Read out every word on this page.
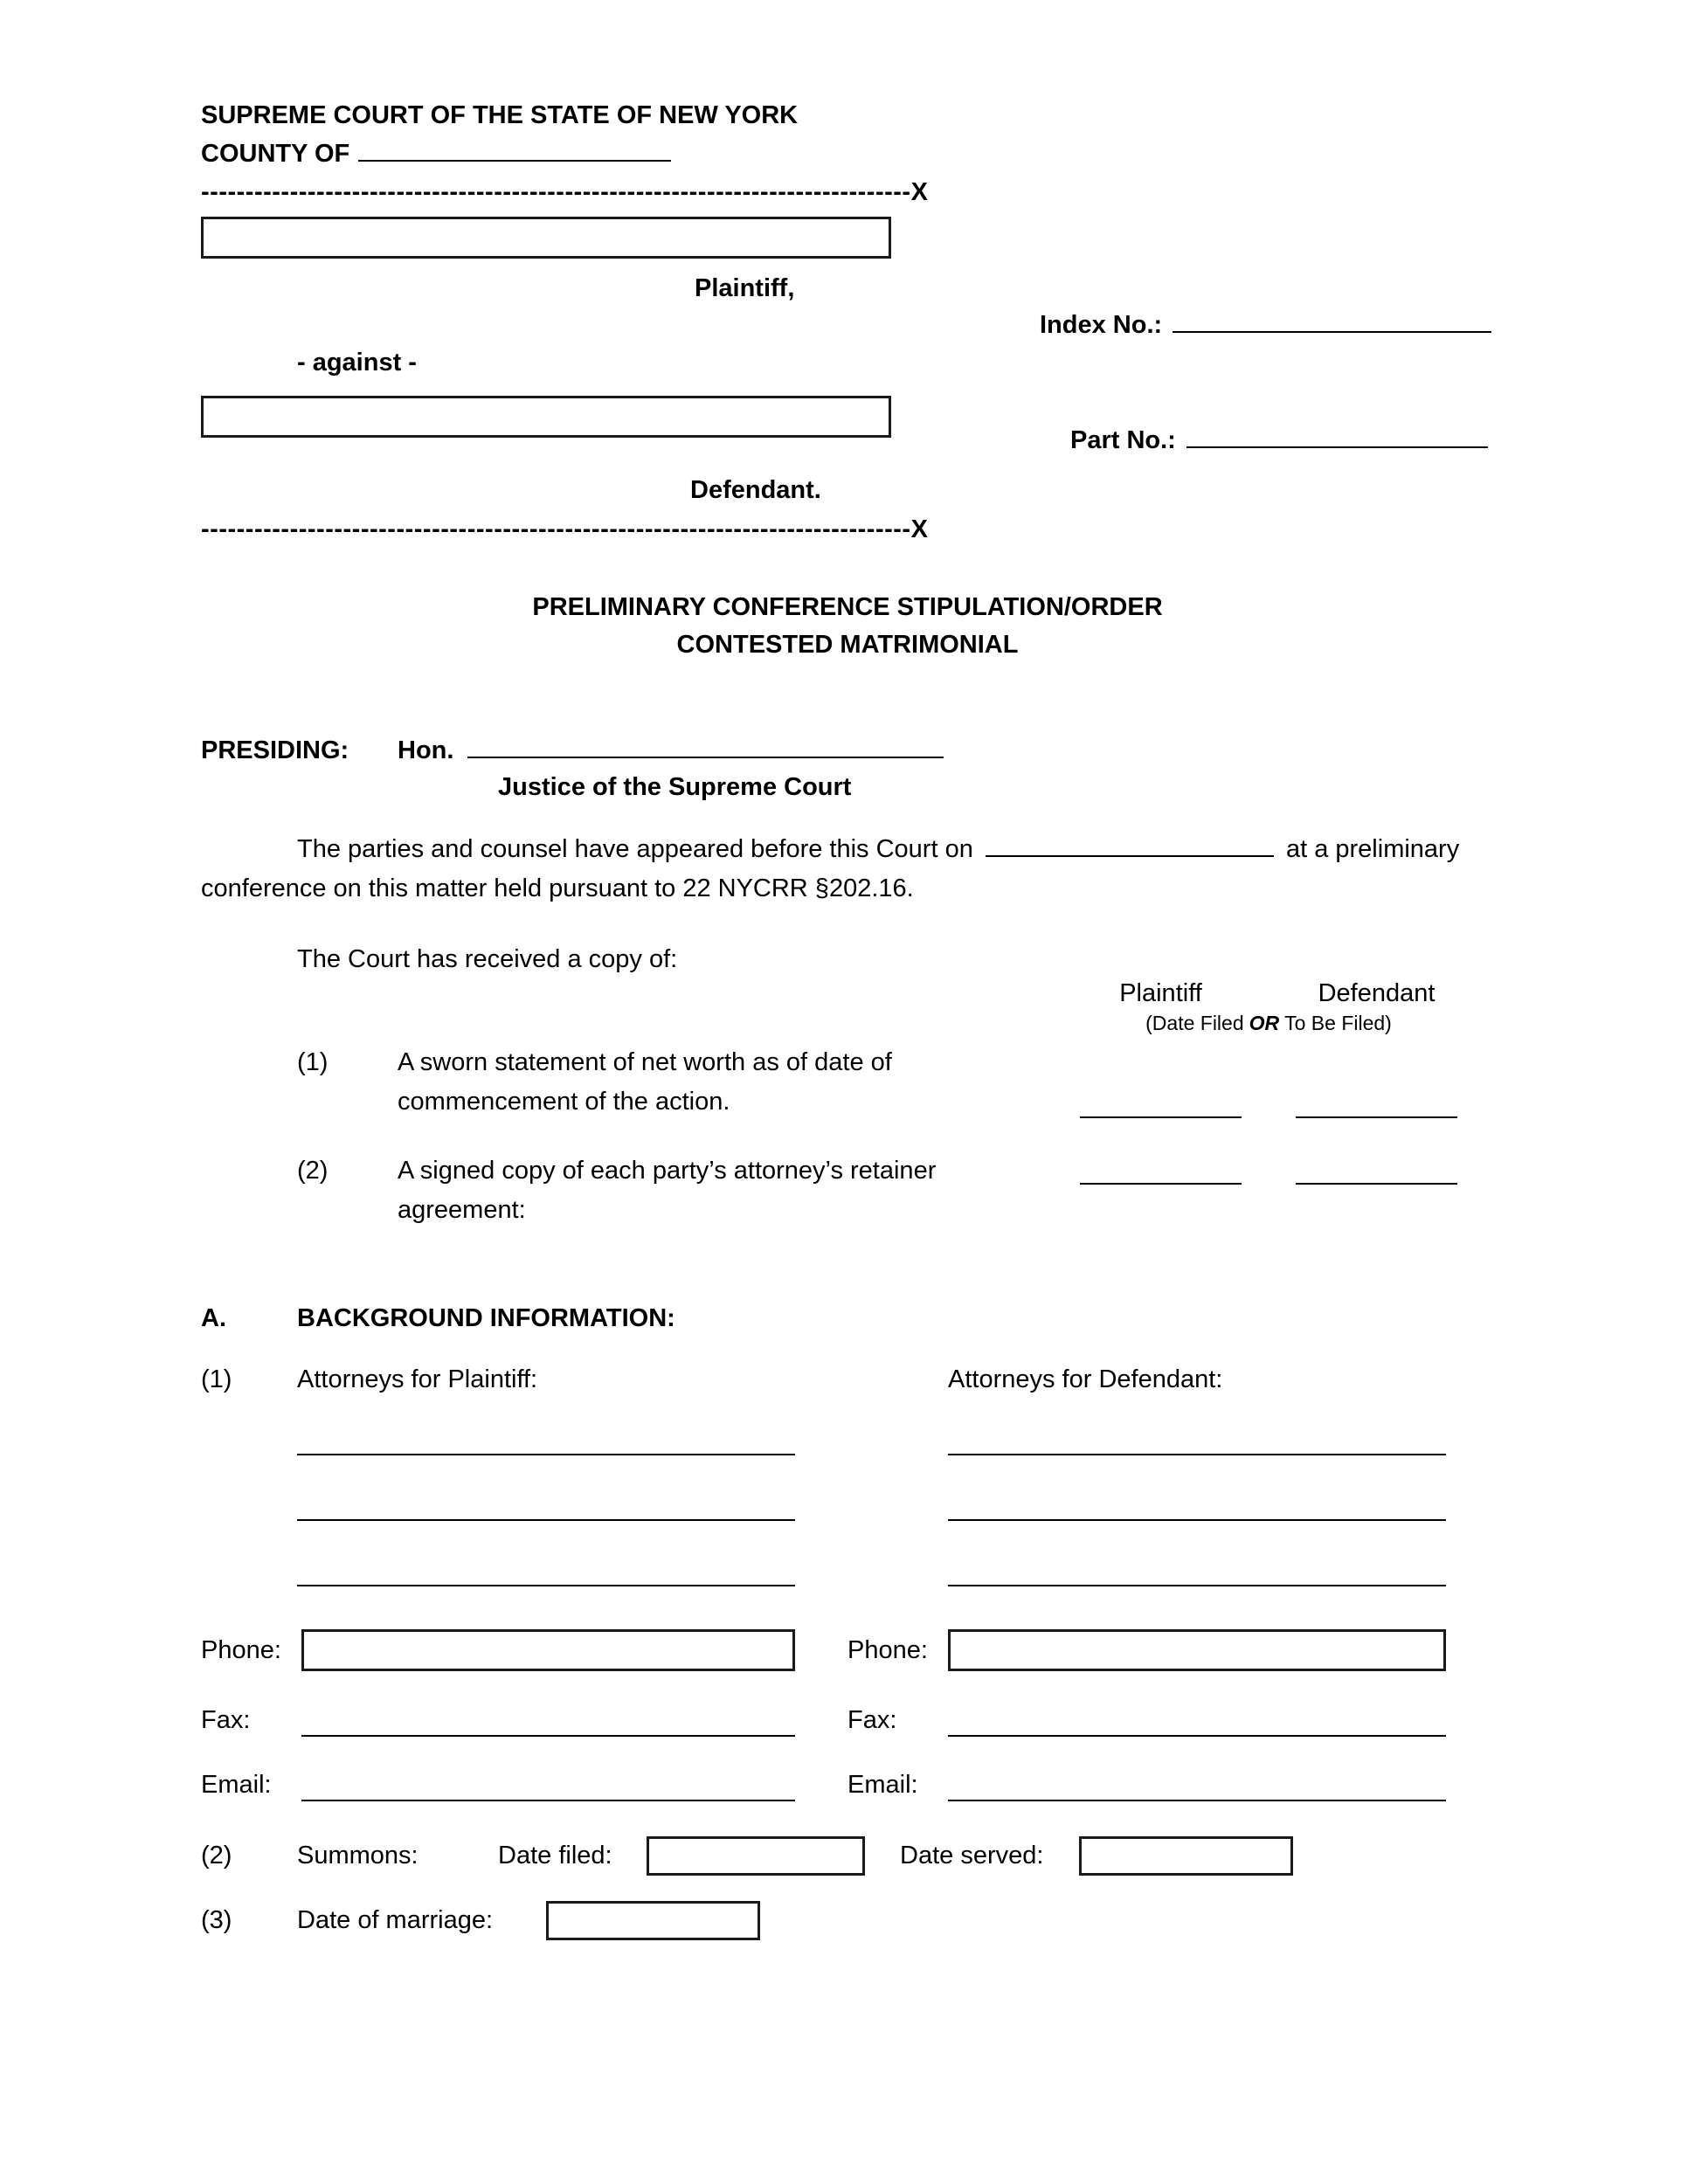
SUPREME COURT OF THE STATE OF NEW YORK
COUNTY OF
--------------------------------------------------------------------------------X
Plaintiff,
Index No.:
- against -
Part No.:
Defendant.
--------------------------------------------------------------------------------X
PRELIMINARY CONFERENCE STIPULATION/ORDER
CONTESTED MATRIMONIAL
PRESIDING: Hon.
Justice of the Supreme Court
The parties and counsel have appeared before this Court on	at a preliminary conference on this matter held pursuant to 22 NYCRR §202.16.
The Court has received a copy of:
Plaintiff	Defendant
(Date Filed OR To Be Filed)
(1)	A sworn statement of net worth as of date of commencement of the action.
(2)	A signed copy of each party’s attorney’s retainer agreement:
A.	BACKGROUND INFORMATION:
(1)	Attorneys for Plaintiff:	Attorneys for Defendant:
Phone:	Phone:
Fax:	Fax:
Email:	Email:
(2)	Summons:	Date filed:	Date served:
(3)	Date of marriage:
